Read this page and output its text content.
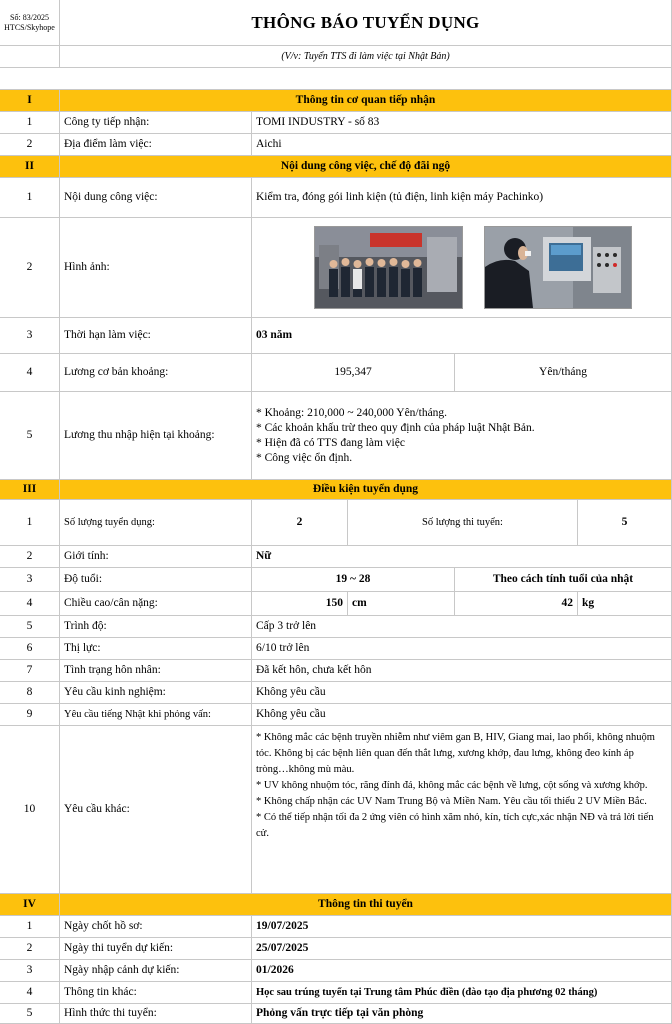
Số: 83/2025
HTCS/Skyhope	THÔNG BÁO TUYỂN DỤNG
(V/v: Tuyển TTS đi làm việc tại Nhật Bản)
I	Thông tin cơ quan tiếp nhận
1	Công ty tiếp nhận:	TOMI INDUSTRY - số 83
2	Địa điểm làm việc:	Aichi
II	Nội dung công việc, chế độ đãi ngộ
1	Nội dung công việc:	Kiểm tra, đóng gói linh kiện (tủ điện, linh kiện máy Pachinko)
2	Hình ảnh:
3	Thời hạn làm việc:	03 năm
4	Lương cơ bản khoảng:	195,347	Yên/tháng
5	Lương thu nhập hiện tại khoảng:
* Khoảng: 210,000 ~ 240,000 Yên/tháng.
* Các khoản khấu trừ theo quy định của pháp luật Nhật Bản.
* Hiện đã có TTS đang làm việc
* Công việc ổn định.
III	Điều kiện tuyển dụng
1	Số lượng tuyển dụng:	2	Số lượng thi tuyển:	5
2	Giới tính:	Nữ
3	Độ tuổi:	19 ~ 28	Theo cách tính tuổi của nhật
4	Chiều cao/cân nặng:	150 cm	42 kg
5	Trình độ:	Cấp 3 trở lên
6	Thị lực:	6/10 trở lên
7	Tình trạng hôn nhân:	Đã kết hôn, chưa kết hôn
8	Yêu cầu kinh nghiệm:	Không yêu cầu
9	Yêu cầu tiếng Nhật khi phỏng vấn:	Không yêu cầu
10	Yêu cầu khác:
* Không mắc các bệnh truyền nhiễm như viêm gan B, HIV, Giang mai, lao phổi, không nhuộm tóc. Không bị các bệnh liên quan đến thắt lưng, xương khớp, đau lưng, không đeo kính áp tròng…không mù màu.
* UV không nhuộm tóc, răng đính đá, không mắc các bệnh về lưng, cột sống và xương khớp.
* Không chấp nhận các UV Nam Trung Bộ và Miền Nam. Yêu cầu tối thiểu 2 UV Miền Bắc.
* Có thể tiếp nhận tối đa 2 ứng viên có hình xăm nhỏ, kín, tích cực,xác nhận NĐ và trả lời tiến cử.
IV	Thông tin thi tuyển
1	Ngày chốt hồ sơ:	19/07/2025
2	Ngày thi tuyển dự kiến:	25/07/2025
3	Ngày nhập cảnh dự kiến:	01/2026
4	Thông tin khác:	Học sau trúng tuyển tại Trung tâm Phúc điền (đào tạo địa phương 02 tháng)
5	Hình thức thi tuyển:	Phỏng vấn trực tiếp tại văn phòng
